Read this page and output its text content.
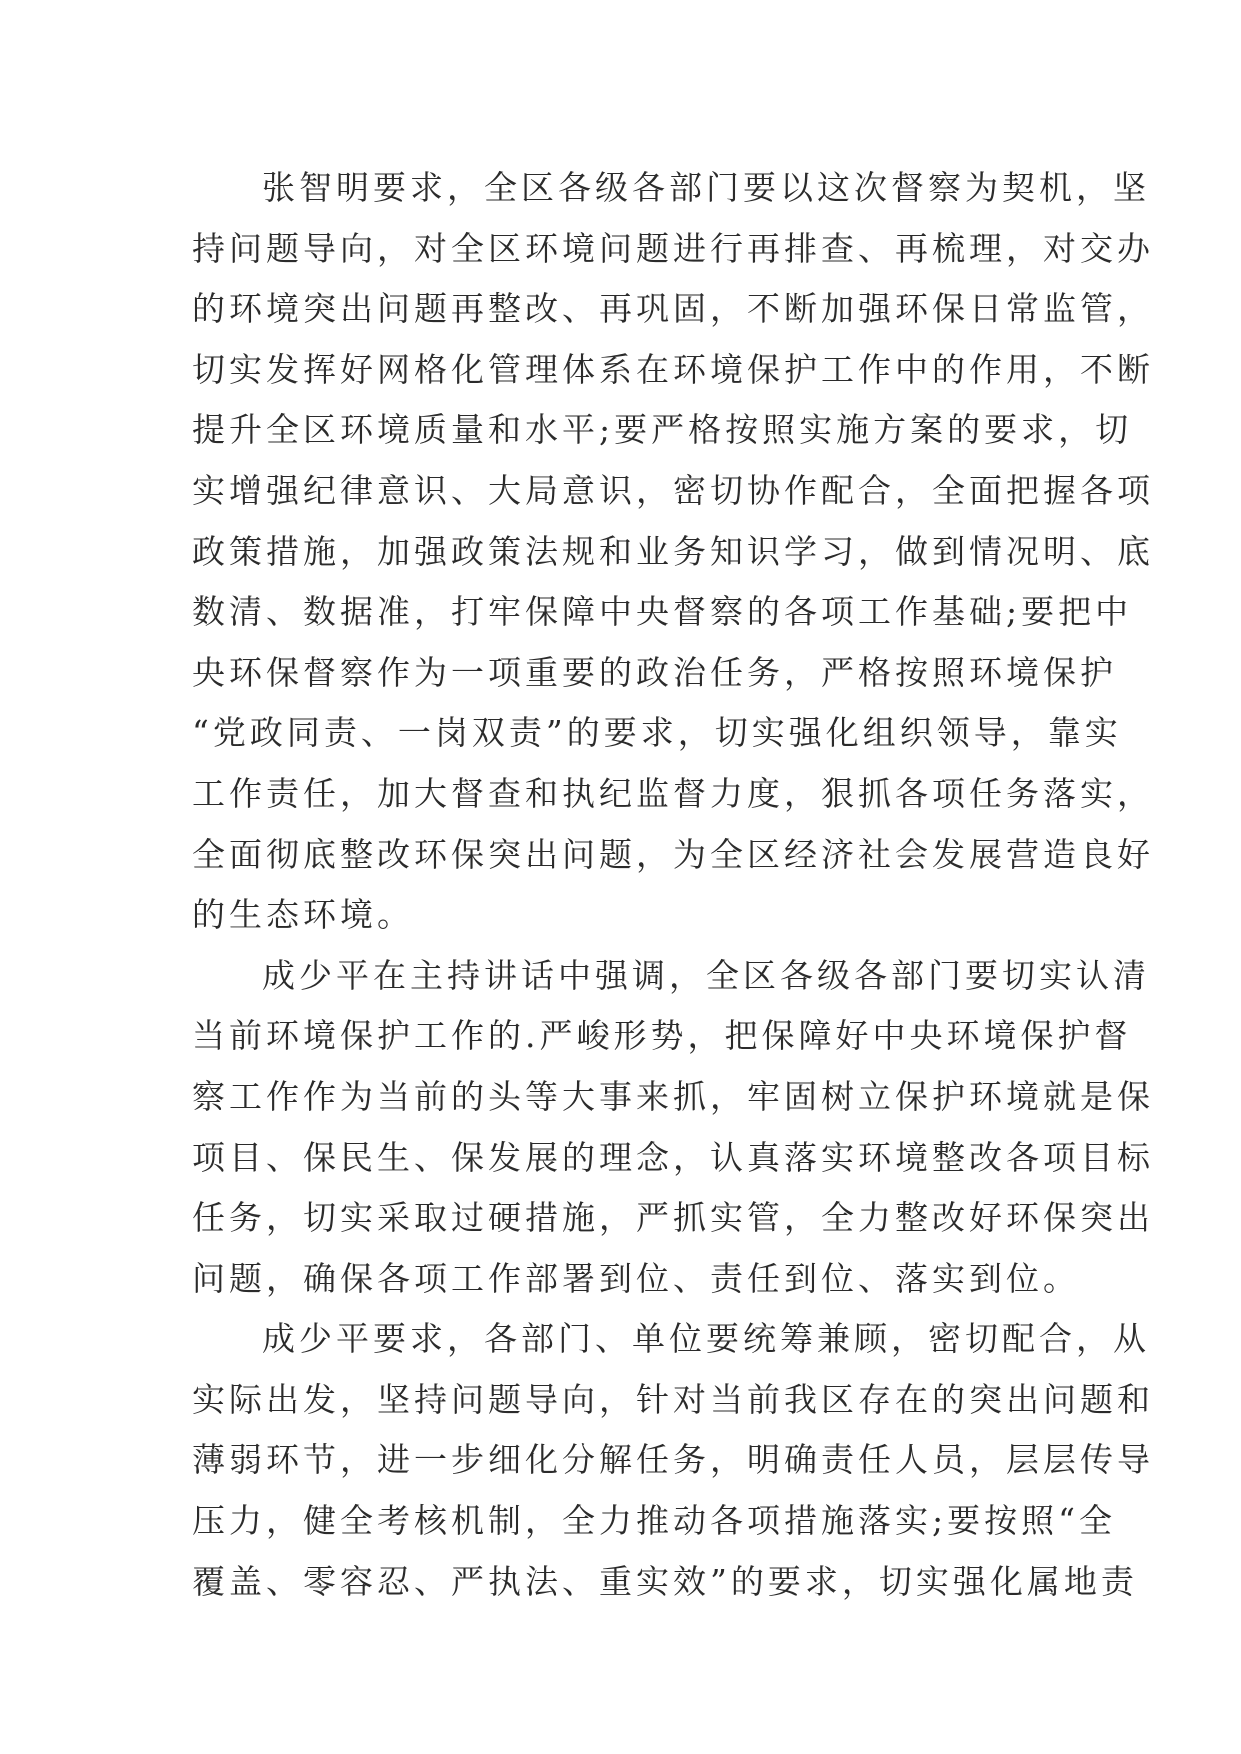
张智明要求，全区各级各部门要以这次督察为契机，坚
持问题导向，对全区环境问题进行再排查、再梳理，对交办
的环境突出问题再整改、再巩固，不断加强环保日常监管，
切实发挥好网格化管理体系在环境保护工作中的作用，不断
提升全区环境质量和水平;要严格按照实施方案的要求，切
实增强纪律意识、大局意识，密切协作配合，全面把握各项
政策措施，加强政策法规和业务知识学习，做到情况明、底
数清、数据准，打牢保障中央督察的各项工作基础;要把中
央环保督察作为一项重要的政治任务，严格按照环境保护
“党政同责、一岗双责”的要求，切实强化组织领导，靠实
工作责任，加大督查和执纪监督力度，狠抓各项任务落实，
全面彻底整改环保突出问题，为全区经济社会发展营造良好
的生态环境。
成少平在主持讲话中强调，全区各级各部门要切实认清
当前环境保护工作的.严峻形势，把保障好中央环境保护督
察工作作为当前的头等大事来抓，牢固树立保护环境就是保
项目、保民生、保发展的理念，认真落实环境整改各项目标
任务，切实采取过硬措施，严抓实管，全力整改好环保突出
问题，确保各项工作部署到位、责任到位、落实到位。
成少平要求，各部门、单位要统筹兼顾，密切配合，从
实际出发，坚持问题导向，针对当前我区存在的突出问题和
薄弱环节，进一步细化分解任务，明确责任人员，层层传导
压力，健全考核机制，全力推动各项措施落实;要按照“全
覆盖、零容忍、严执法、重实效”的要求，切实强化属地责
